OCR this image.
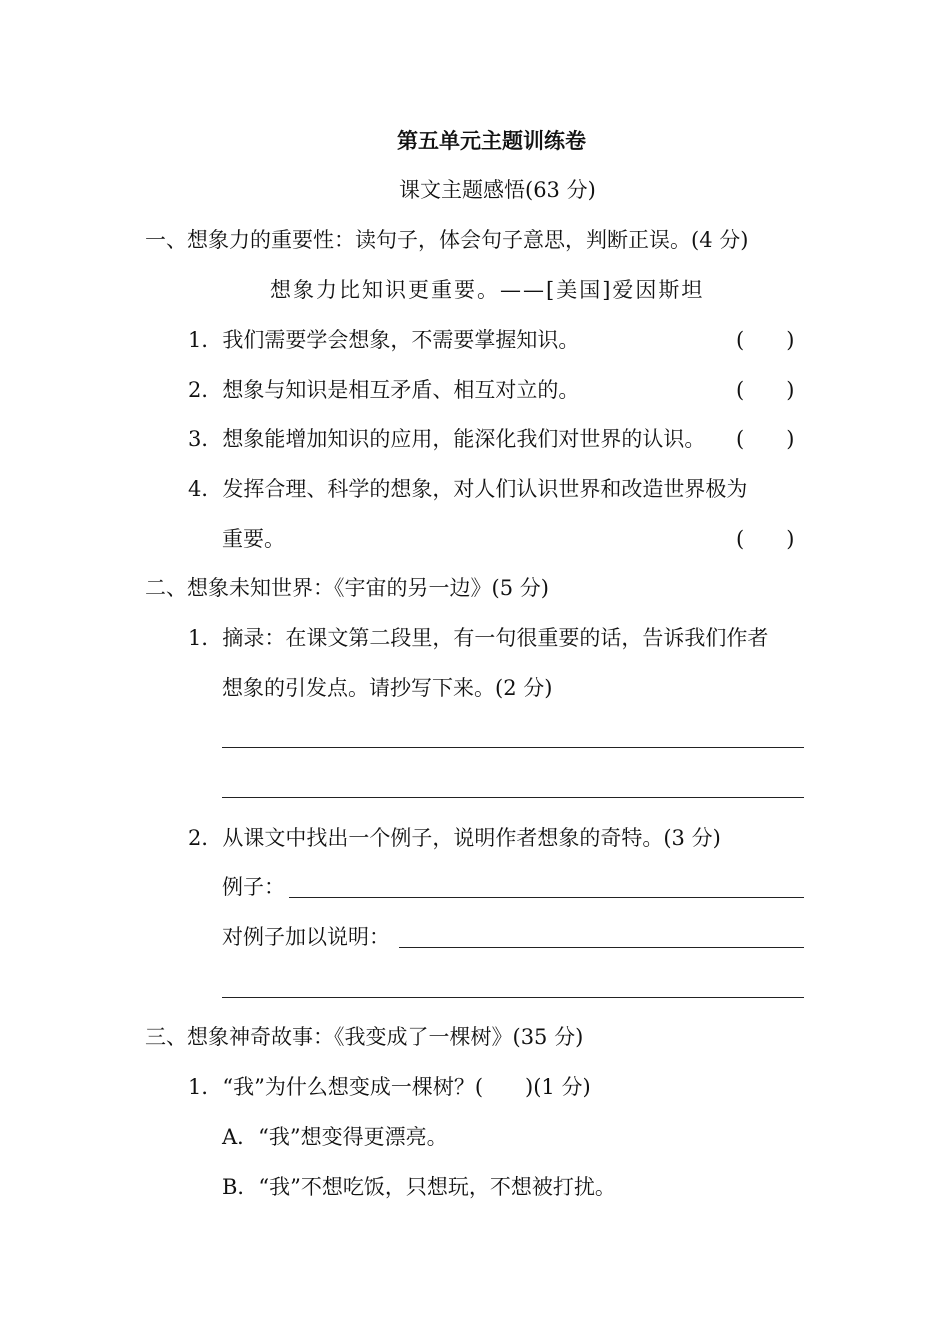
第五单元主题训练卷
课文主题感悟(63 分)
一、想象力的重要性：读句子，体会句子意思，判断正误。(4 分)
想象力比知识更重要。——[美国]爱因斯坦
1．我们需要学会想象，不需要掌握知识。	(　　)
2．想象与知识是相互矛盾、相互对立的。	(　　)
3．想象能增加知识的应用，能深化我们对世界的认识。 (　　)
4．发挥合理、科学的想象，对人们认识世界和改造世界极为
重要。	(　　)
二、想象未知世界：《宇宙的另一边》(5 分)
1．摘录：在课文第二段里，有一句很重要的话，告诉我们作者
想象的引发点。请抄写下来。(2 分)
2．从课文中找出一个例子，说明作者想象的奇特。(3 分)
例子：
对例子加以说明：
三、想象神奇故事：《我变成了一棵树》(35 分)
1．“我”为什么想变成一棵树？(　　)(1 分)
A．“我”想变得更漂亮。
B．“我”不想吃饭，只想玩，不想被打扰。
